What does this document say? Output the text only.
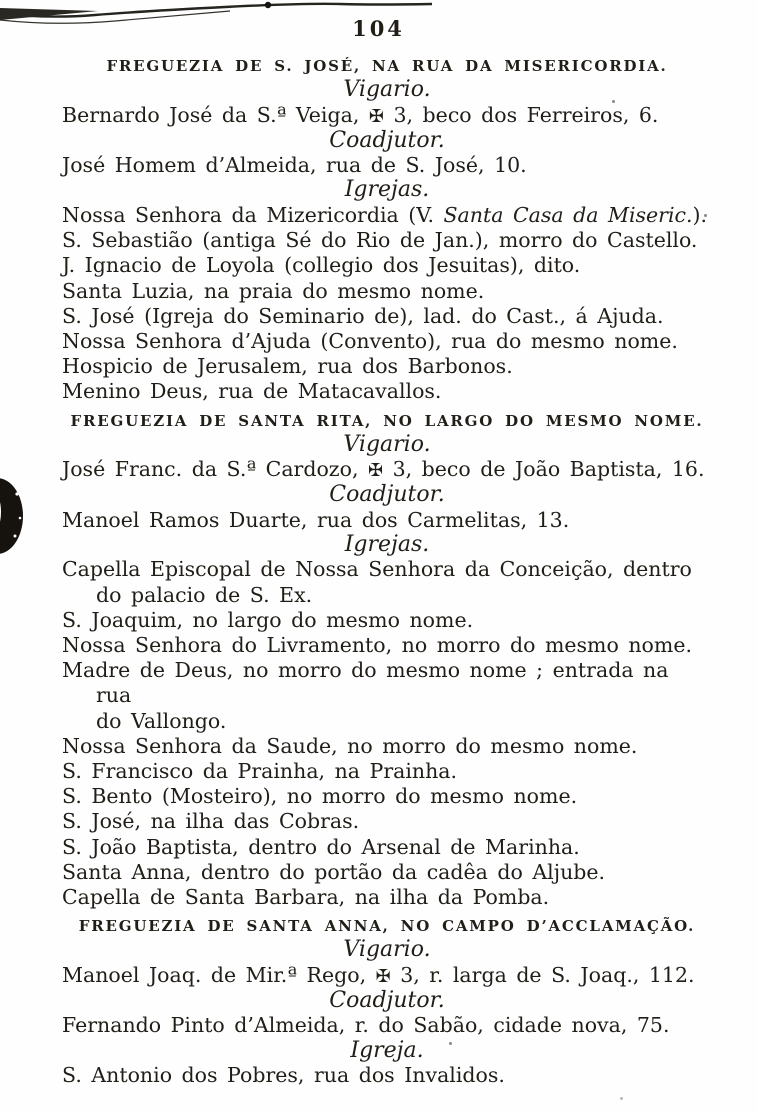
104
FREGUEZIA DE S. JOSÉ, NA RUA DA MISERICORDIA.
Vigario.
Bernardo José da S.ª Veiga, ✠ 3, beco dos Ferreiros, 6.
Coadjutor.
José Homem d’Almeida, rua de S. José, 10.
Igrejas.
Nossa Senhora da Mizericordia (V. Santa Casa da Miseric.).
S. Sebastião (antiga Sé do Rio de Jan.), morro do Castello.
J. Ignacio de Loyola (collegio dos Jesuitas), dito.
Santa Luzia, na praia do mesmo nome.
S. José (Igreja do Seminario de), lad. do Cast., á Ajuda.
Nossa Senhora d’Ajuda (Convento), rua do mesmo nome.
Hospicio de Jerusalem, rua dos Barbonos.
Menino Deus, rua de Matacavallos.
FREGUEZIA DE SANTA RITA, NO LARGO DO MESMO NOME.
Vigario.
José Franc. da S.ª Cardozo, ✠ 3, beco de João Baptista, 16.
Coadjutor.
Manoel Ramos Duarte, rua dos Carmelitas, 13.
Igrejas.
Capella Episcopal de Nossa Senhora da Conceição, dentro
do palacio de S. Ex.
S. Joaquim, no largo do mesmo nome.
Nossa Senhora do Livramento, no morro do mesmo nome.
Madre de Deus, no morro do mesmo nome ; entrada na rua
do Vallongo.
Nossa Senhora da Saude, no morro do mesmo nome.
S. Francisco da Prainha, na Prainha.
S. Bento (Mosteiro), no morro do mesmo nome.
S. José, na ilha das Cobras.
S. João Baptista, dentro do Arsenal de Marinha.
Santa Anna, dentro do portão da cadêa do Aljube.
Capella de Santa Barbara, na ilha da Pomba.
FREGUEZIA DE SANTA ANNA, NO CAMPO D’ACCLAMAÇÃO.
Vigario.
Manoel Joaq. de Mir.ª Rego, ✠ 3, r. larga de S. Joaq., 112.
Coadjutor.
Fernando Pinto d’Almeida, r. do Sabão, cidade nova, 75.
Igreja.
S. Antonio dos Pobres, rua dos Invalidos.
